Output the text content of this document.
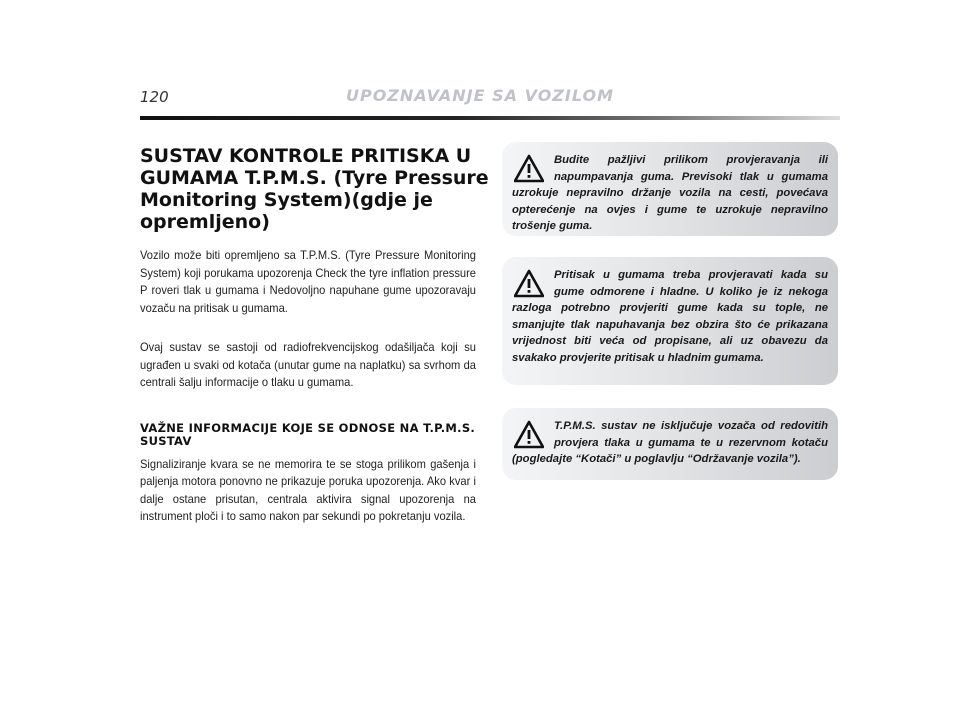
120	UPOZNAVANJE SA VOZILOM
SUSTAV KONTROLE PRITISKA U GUMAMA T.P.M.S. (Tyre Pressure Monitoring System)(gdje je opremljeno)

Vozilo može biti opremljeno sa T.P.M.S. (Tyre Pressure Monitoring System) koji porukama upozorenja Check the tyre inflation pressure P roveri tlak u gumama i Nedovoljno napuhane gume upozoravaju vozaču na pritisak u gumama.

Ovaj sustav se sastoji od radiofrekvencijskog odašiljača koji su ugrađen u svaki od kotača (unutar gume na naplatku) sa svrhom da centrali šalju informacije o tlaku u gumama.

VAŽNE INFORMACIJE KOJE SE ODNOSE NA T.P.M.S. SUSTAV

Signaliziranje kvara se ne memorira te se stoga prilikom gašenja i paljenja motora ponovno ne prikazuje poruka upozorenja. Ako kvar i dalje ostane prisutan, centrala aktivira signal upozorenja na instrument ploči i to samo nakon par sekundi po pokretanju vozila.

Budite pažljivi prilikom provjeravanja ili napumpavanja guma. Previsoki tlak u gumama uzrokuje nepravilno držanje vozila na cesti, povećava opterećenje na ovjes i gume te uzrokuje nepravilno trošenje guma.

Pritisak u gumama treba provjeravati kada su gume odmorene i hladne. U koliko je iz nekoga razloga potrebno provjeriti gume kada su tople, ne smanjujte tlak napuhavanja bez obzira što će prikazana vrijednost biti veća od propisane, ali uz obavezu da svakako provjerite pritisak u hladnim gumama.

T.P.M.S. sustav ne isključuje vozača od redovitih provjera tlaka u gumama te u rezervnom kotaču (pogledajte “Kotači” u poglavlju “Održavanje vozila”).
